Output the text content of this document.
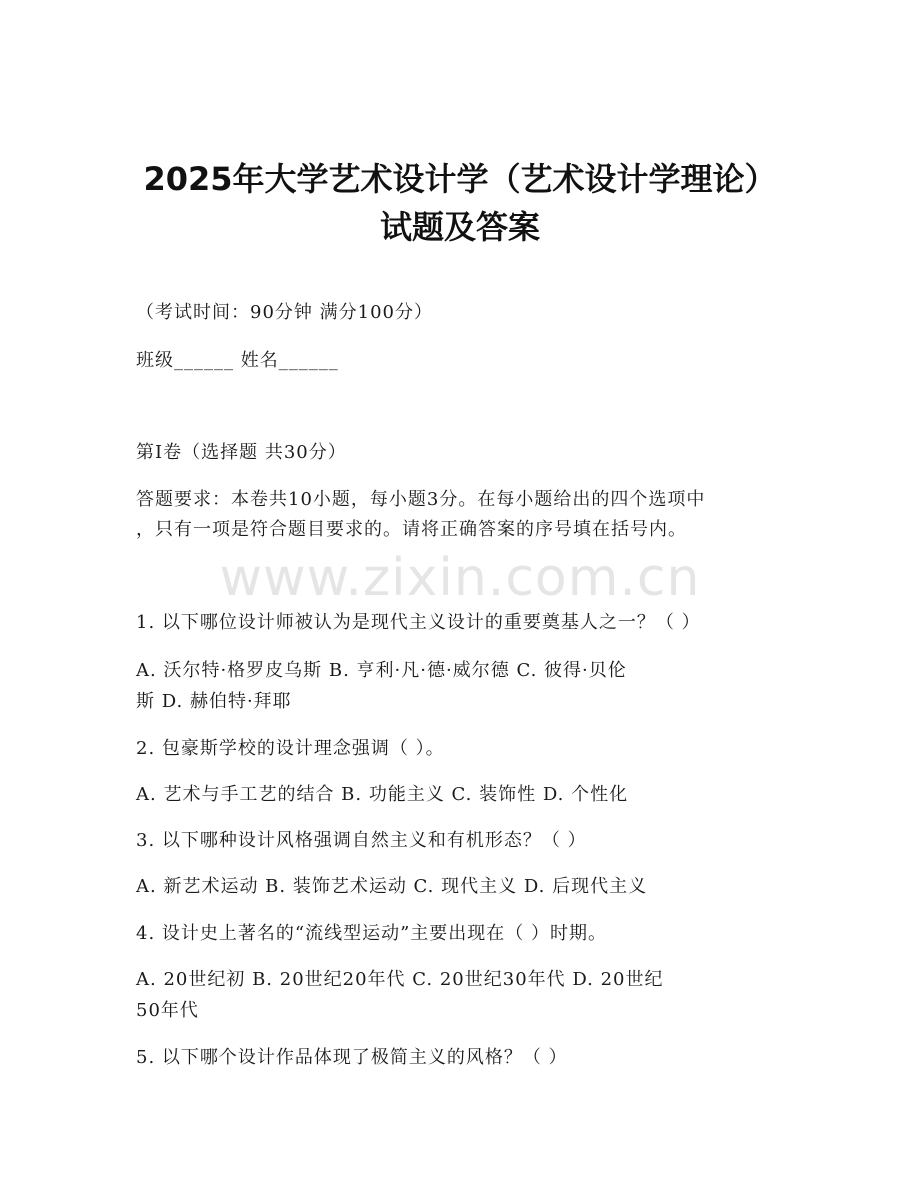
2025年大学艺术设计学（艺术设计学理论）
试题及答案
（考试时间：90分钟 满分100分）
班级______ 姓名______
第I卷（选择题 共30分）
答题要求：本卷共10小题，每小题3分。在每小题给出的四个选项中
，只有一项是符合题目要求的。请将正确答案的序号填在括号内。
www.zixin.com.cn
1. 以下哪位设计师被认为是现代主义设计的重要奠基人之一？（ ）
A. 沃尔特·格罗皮乌斯 B. 亨利·凡·德·威尔德 C. 彼得·贝伦
斯 D. 赫伯特·拜耶
2. 包豪斯学校的设计理念强调（ ）。
A. 艺术与手工艺的结合 B. 功能主义 C. 装饰性 D. 个性化
3. 以下哪种设计风格强调自然主义和有机形态？（ ）
A. 新艺术运动 B. 装饰艺术运动 C. 现代主义 D. 后现代主义
4. 设计史上著名的“流线型运动”主要出现在（ ）时期。
A. 20世纪初 B. 20世纪20年代 C. 20世纪30年代 D. 20世纪
50年代
5. 以下哪个设计作品体现了极简主义的风格？（ ）
